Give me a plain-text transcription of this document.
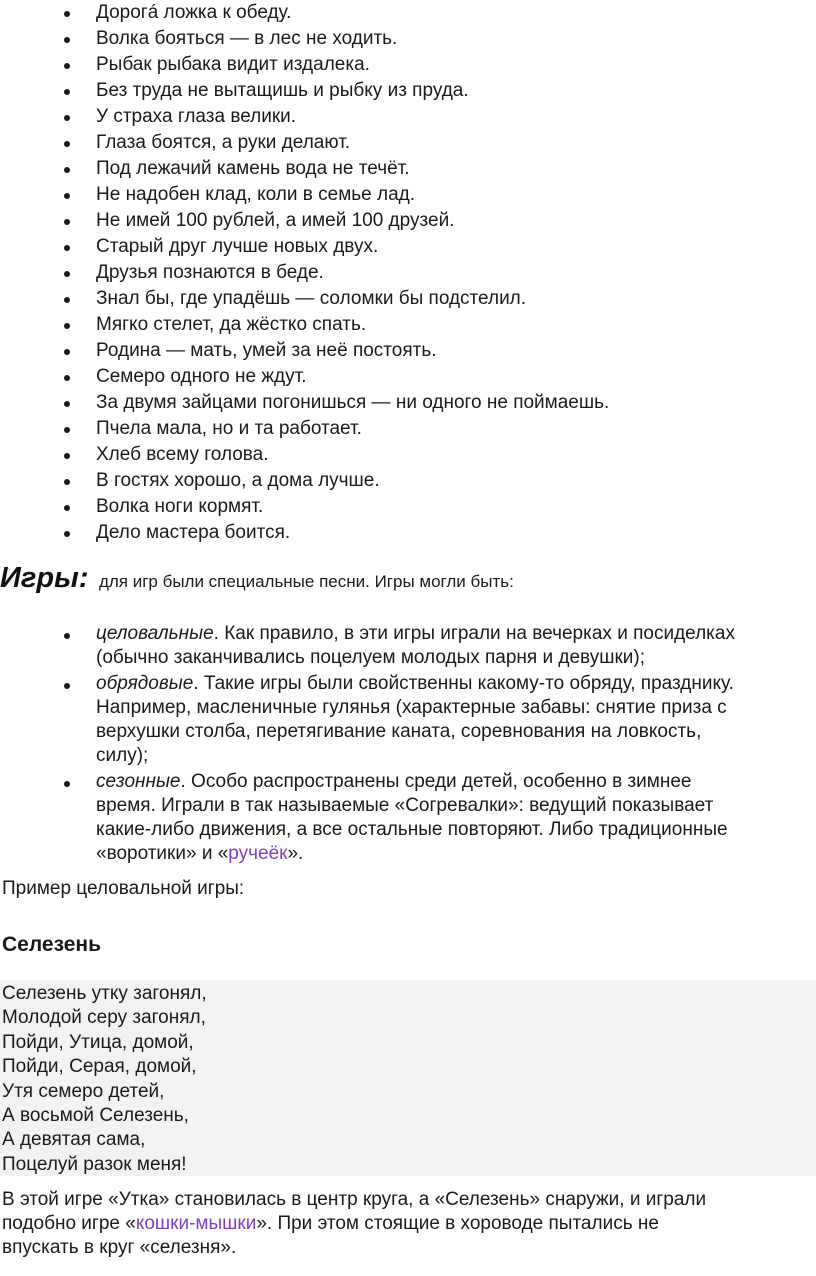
Дорогá ложка к обеду.
Волка бояться — в лес не ходить.
Рыбак рыбака видит издалека.
Без труда не вытащишь и рыбку из пруда.
У страха глаза велики.
Глаза боятся, а руки делают.
Под лежачий камень вода не течёт.
Не надобен клад, коли в семье лад.
Не имей 100 рублей, а имей 100 друзей.
Старый друг лучше новых двух.
Друзья познаются в беде.
Знал бы, где упадёшь — соломки бы подстелил.
Мягко стелет, да жёстко спать.
Родина — мать, умей за неё постоять.
Семеро одного не ждут.
За двумя зайцами погонишься — ни одного не поймаешь.
Пчела мала, но и та работает.
Хлеб всему голова.
В гостях хорошо, а дома лучше.
Волка ноги кормят.
Дело мастера боится.
Игры: для игр были специальные песни. Игры могли быть:
целовальные. Как правило, в эти игры играли на вечерках и посиделках
(обычно заканчивались поцелуем молодых парня и девушки);
обрядовые. Такие игры были свойственны какому-то обряду, празднику.
Например, масленичные гулянья (характерные забавы: снятие приза с
верхушки столба, перетягивание каната, соревнования на ловкость,
силу);
сезонные. Особо распространены среди детей, особенно в зимнее
время. Играли в так называемые «Согревалки»: ведущий показывает
какие-либо движения, а все остальные повторяют. Либо традиционные
«воротики» и «ручеёк».
Пример целовальной игры:
Селезень
Селезень утку загонял,
Молодой серу загонял,
Пойди, Утица, домой,
Пойди, Серая, домой,
Утя семеро детей,
А восьмой Селезень,
А девятая сама,
Поцелуй разок меня!
В этой игре «Утка» становилась в центр круга, а «Селезень» снаружи, и играли
подобно игре «кошки-мышки». При этом стоящие в хороводе пытались не
впускать в круг «селезня».
